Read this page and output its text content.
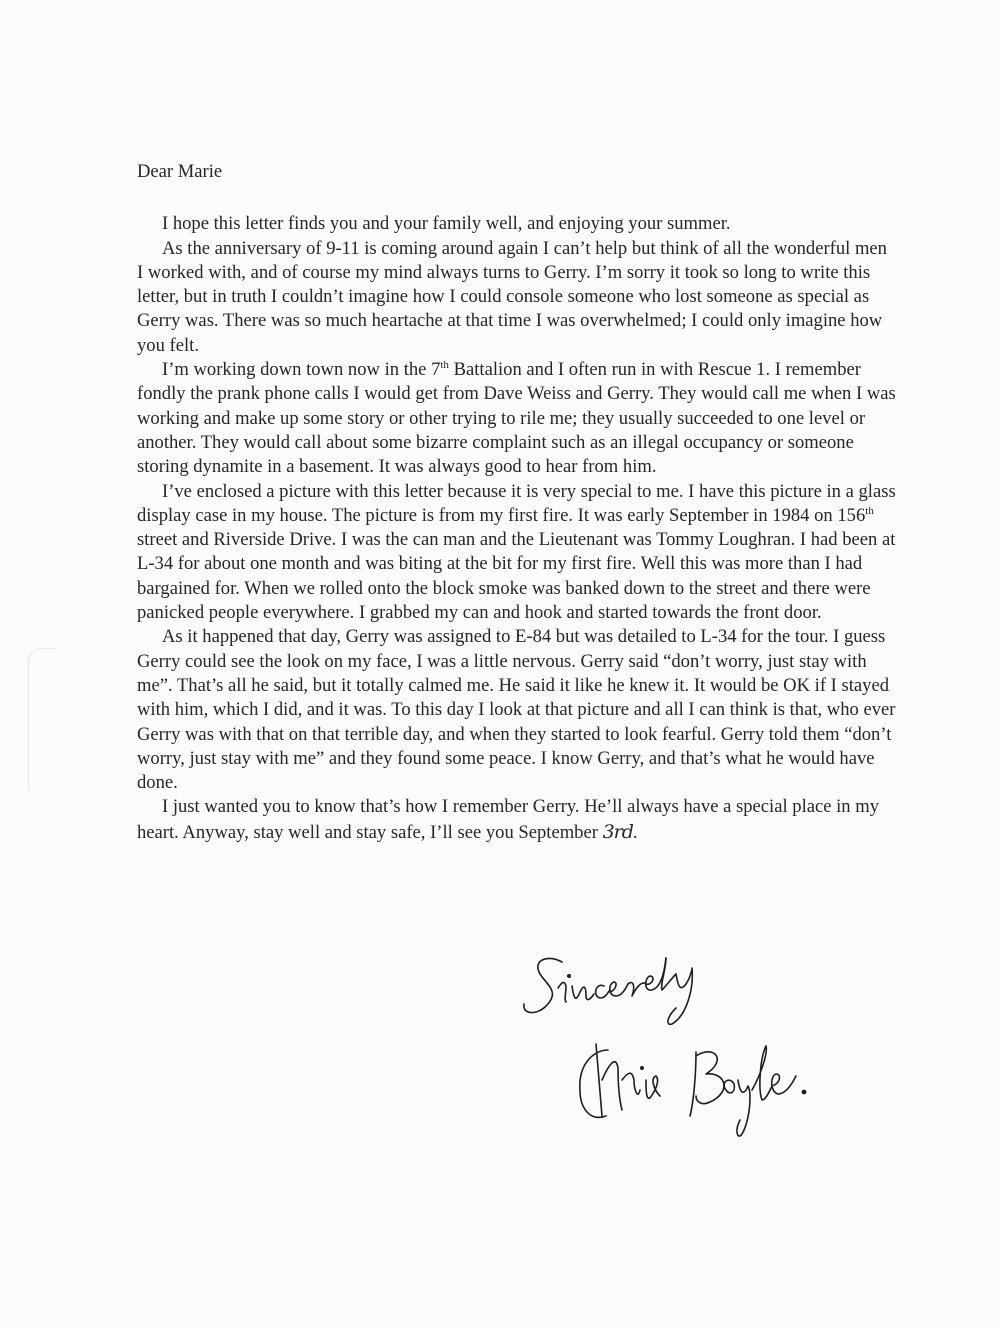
Dear Marie

I hope this letter finds you and your family well, and enjoying your summer.

As the anniversary of 9-11 is coming around again I can’t help but think of all the wonderful men I worked with, and of course my mind always turns to Gerry. I’m sorry it took so long to write this letter, but in truth I couldn’t imagine how I could console someone who lost someone as special as Gerry was. There was so much heartache at that time I was overwhelmed; I could only imagine how you felt.

I’m working down town now in the 7th Battalion and I often run in with Rescue 1. I remember fondly the prank phone calls I would get from Dave Weiss and Gerry. They would call me when I was working and make up some story or other trying to rile me; they usually succeeded to one level or another. They would call about some bizarre complaint such as an illegal occupancy or someone storing dynamite in a basement. It was always good to hear from him.

I’ve enclosed a picture with this letter because it is very special to me. I have this picture in a glass display case in my house. The picture is from my first fire. It was early September in 1984 on 156th street and Riverside Drive. I was the can man and the Lieutenant was Tommy Loughran. I had been at L-34 for about one month and was biting at the bit for my first fire. Well this was more than I had bargained for. When we rolled onto the block smoke was banked down to the street and there were panicked people everywhere. I grabbed my can and hook and started towards the front door.

As it happened that day, Gerry was assigned to E-84 but was detailed to L-34 for the tour. I guess Gerry could see the look on my face, I was a little nervous. Gerry said “don’t worry, just stay with me”. That’s all he said, but it totally calmed me. He said it like he knew it. It would be OK if I stayed with him, which I did, and it was. To this day I look at that picture and all I can think is that, who ever Gerry was with that on that terrible day, and when they started to look fearful. Gerry told them “don’t worry, just stay with me” and they found some peace. I know Gerry, and that’s what he would have done.

I just wanted you to know that’s how I remember Gerry. He’ll always have a special place in my heart. Anyway, stay well and stay safe, I’ll see you September 3rd.
